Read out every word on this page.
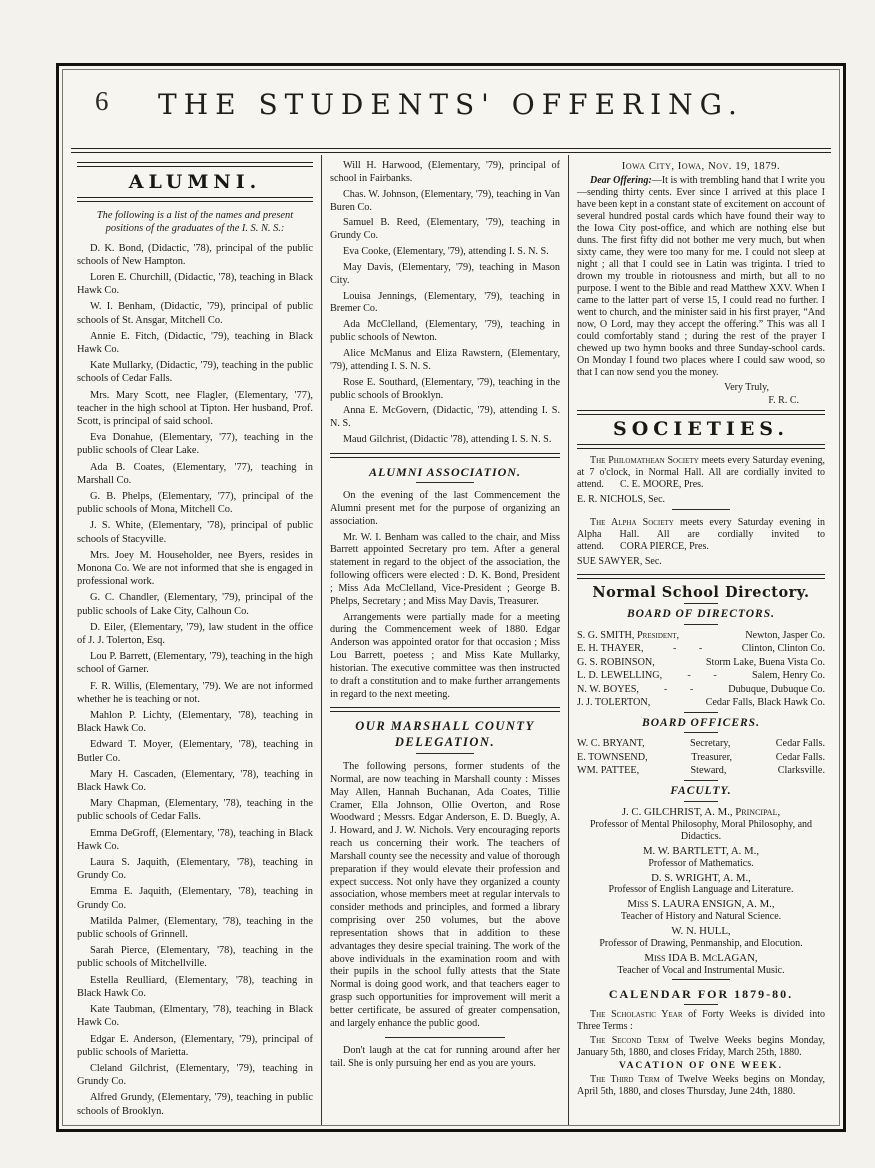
6	THE STUDENTS' OFFERING.
ALUMNI.

The following is a list of the names and present positions of the graduates of the I. S. N. S.:

D. K. Bond, (Didactic, '78), principal of the public schools of New Hampton.

Loren E. Churchill, (Didactic, '78), teaching in Black Hawk Co.

W. I. Benham, (Didactic, '79), principal of public schools of St. Ansgar, Mitchell Co.

Annie E. Fitch, (Didactic, '79), teaching in Black Hawk Co.

Kate Mullarky, (Didactic, '79), teaching in the public schools of Cedar Falls.

Mrs. Mary Scott, nee Flagler, (Elementary, '77), teacher in the high school at Tipton. Her husband, Prof. Scott, is principal of said school.

Eva Donahue, (Elementary, '77), teaching in the public schools of Clear Lake.

Ada B. Coates, (Elementary, '77), teaching in Marshall Co.

G. B. Phelps, (Elementary, '77), principal of the public schools of Mona, Mitchell Co.

J. S. White, (Elementary, '78), principal of public schools of Stacyville.

Mrs. Joey M. Householder, nee Byers, resides in Monona Co. We are not informed that she is engaged in professional work.

G. C. Chandler, (Elementary, '79), principal of the public schools of Lake City, Calhoun Co.

D. Eiler, (Elementary, '79), law student in the office of J. J. Tolerton, Esq.

Lou P. Barrett, (Elementary, '79), teaching in the high school of Garner.

F. R. Willis, (Elementary, '79). We are not informed whether he is teaching or not.

Mahlon P. Lichty, (Elementary, '78), teaching in Black Hawk Co.

Edward T. Moyer, (Elementary, '78), teaching in Butler Co.

Mary H. Cascaden, (Elementary, '78), teaching in Black Hawk Co.

Mary Chapman, (Elementary, '78), teaching in the public schools of Cedar Falls.

Emma DeGroff, (Elementary, '78), teaching in Black Hawk Co.

Laura S. Jaquith, (Elementary, '78), teaching in Grundy Co.

Emma E. Jaquith, (Elementary, '78), teaching in Grundy Co.

Matilda Palmer, (Elementary, '78), teaching in the public schools of Grinnell.

Sarah Pierce, (Elementary, '78), teaching in the public schools of Mitchellville.

Estella Reulliard, (Elementary, '78), teaching in Black Hawk Co.

Kate Taubman, (Elmentary, '78), teaching in Black Hawk Co.

Edgar E. Anderson, (Elementary, '79), principal of public schools of Marietta.

Cleland Gilchrist, (Elementary, '79), teaching in Grundy Co.

Alfred Grundy, (Elementary, '79), teaching in public schools of Brooklyn.

Will H. Harwood, (Elementary, '79), principal of school in Fairbanks.

Chas. W. Johnson, (Elementary, '79), teaching in Van Buren Co.

Samuel B. Reed, (Elementary, '79), teaching in Grundy Co.

Eva Cooke, (Elementary, '79), attending I. S. N. S.

May Davis, (Elementary, '79), teaching in Mason City.

Louisa Jennings, (Elementary, '79), teaching in Bremer Co.

Ada McClelland, (Elementary, '79), teaching in public schools of Newton.

Alice McManus and Eliza Rawstern, (Elementary, '79), attending I. S. N. S.

Rose E. Southard, (Elementary, '79), teaching in the public schools of Brooklyn.

Anna E. McGovern, (Didactic, '79), attending I. S. N. S.

Maud Gilchrist, (Didactic '78), attending I. S. N. S.

ALUMNI ASSOCIATION.

On the evening of the last Commencement the Alumni present met for the purpose of organizing an association.

Mr. W. I. Benham was called to the chair, and Miss Barrett appointed Secretary pro tem. After a general statement in regard to the object of the association, the following officers were elected : D. K. Bond, President ; Miss Ada McClelland, Vice-President ; George B. Phelps, Secretary ; and Miss May Davis, Treasurer.

Arrangements were partially made for a meeting during the Commencement week of 1880. Edgar Anderson was appointed orator for that occasion ; Miss Lou Barrett, poetess ; and Miss Kate Mullarky, historian. The executive committee was then instructed to draft a constitution and to make further arrangements in regard to the next meeting.

OUR MARSHALL COUNTY DELEGATION.

The following persons, former students of the Normal, are now teaching in Marshall county : Misses May Allen, Hannah Buchanan, Ada Coates, Tillie Cramer, Ella Johnson, Ollie Overton, and Rose Woodward ; Messrs. Edgar Anderson, E. D. Buegly, A. J. Howard, and J. W. Nichols. Very encouraging reports reach us concerning their work. The teachers of Marshall county see the necessity and value of thorough preparation if they would elevate their profession and expect success. Not only have they organized a county association, whose members meet at regular intervals to consider methods and principles, and formed a library comprising over 250 volumes, but the above representation shows that in addition to these advantages they desire special training. The work of the above individuals in the examination room and with their pupils in the school fully attests that the State Normal is doing good work, and that teachers eager to grasp such opportunities for improvement will merit a better certificate, be assured of greater compensation, and largely enhance the public good.

Don't laugh at the cat for running around after her tail. She is only pursuing her end as you are yours.

Iowa City, Iowa, Nov. 19, 1879.

Dear Offering:—It is with trembling hand that I write you—sending thirty cents. Ever since I arrived at this place I have been kept in a constant state of excitement on account of several hundred postal cards which have found their way to the Iowa City post-office, and which are nothing else but duns. The first fifty did not bother me very much, but when sixty came, they were too many for me. I could not sleep at night ; all that I could see in Latin was triginta. I tried to drown my trouble in riotousness and mirth, but all to no purpose. I went to the Bible and read Matthew XXV. When I came to the latter part of verse 15, I could read no further. I went to church, and the minister said in his first prayer, “And now, O Lord, may they accept the offering.” This was all I could comfortably stand ; during the rest of the prayer I chewed up two hymn books and three Sunday-school cards. On Monday I found two places where I could saw wood, so that I can now send you the money.

Very Truly,
F. R. C.
SOCIETIES.

The Philomathean Society meets every Saturday evening, at 7 o'clock, in Normal Hall. All are cordially invited to attend. C. E. MOORE, Pres.

E. R. NICHOLS, Sec.

The Alpha Society meets every Saturday evening in Alpha Hall. All are cordially invited to attend. CORA PIERCE, Pres.

SUE SAWYER, Sec.

Normal School Directory.
BOARD OF DIRECTORS.
S. G. SMITH, President,	Newton, Jasper Co.
E. H. THAYER,	- -	Clinton, Clinton Co.
G. S. ROBINSON,	Storm Lake, Buena Vista Co.
L. D. LEWELLING,	- -	Salem, Henry Co.
N. W. BOYES,	- -	Dubuque, Dubuque Co.
J. J. TOLERTON,	Cedar Falls, Black Hawk Co.
BOARD OFFICERS.
W. C. BRYANT,	Secretary,	Cedar Falls.
E. TOWNSEND,	Treasurer,	Cedar Falls.
WM. PATTEE,	Steward,	Clarksville.
FACULTY.

J. C. GILCHRIST, A. M., Principal,

Professor of Mental Philosophy, Moral Philosophy, and Didactics.

M. W. BARTLETT, A. M.,

Professor of Mathematics.

D. S. WRIGHT, A. M.,

Professor of English Language and Literature.

Miss S. LAURA ENSIGN, A. M.,

Teacher of History and Natural Science.

W. N. HULL,

Professor of Drawing, Penmanship, and Elocution.

Miss IDA B. McLAGAN,

Teacher of Vocal and Instrumental Music.

CALENDAR FOR 1879-80.

The Scholastic Year of Forty Weeks is divided into Three Terms :

The Second Term of Twelve Weeks begins Monday, January 5th, 1880, and closes Friday, March 25th, 1880.

VACATION OF ONE WEEK.

The Third Term of Twelve Weeks begins on Monday, April 5th, 1880, and closes Thursday, June 24th, 1880.
